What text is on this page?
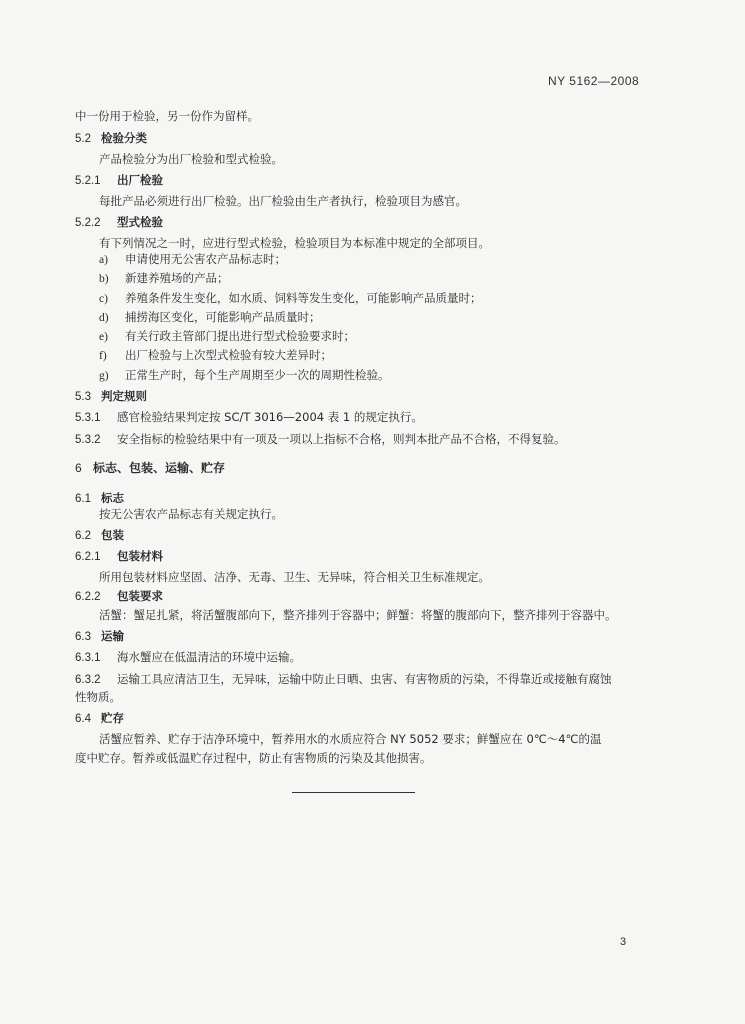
NY 5162—2008
中一份用于检验，另一份作为留样。
5.2 检验分类
产品检验分为出厂检验和型式检验。
5.2.1 出厂检验
每批产品必须进行出厂检验。出厂检验由生产者执行，检验项目为感官。
5.2.2 型式检验
有下列情况之一时，应进行型式检验，检验项目为本标准中规定的全部项目。
a) 申请使用无公害农产品标志时；
b) 新建养殖场的产品；
c) 养殖条件发生变化，如水质、饲料等发生变化，可能影响产品质量时；
d) 捕捞海区变化，可能影响产品质量时；
e) 有关行政主管部门提出进行型式检验要求时；
f) 出厂检验与上次型式检验有较大差异时；
g) 正常生产时，每个生产周期至少一次的周期性检验。
5.3 判定规则
5.3.1 感官检验结果判定按 SC/T 3016—2004 表 1 的规定执行。
5.3.2 安全指标的检验结果中有一项及一项以上指标不合格，则判本批产品不合格，不得复验。
6 标志、包装、运输、贮存
6.1 标志
按无公害农产品标志有关规定执行。
6.2 包装
6.2.1 包装材料
所用包装材料应坚固、洁净、无毒、卫生、无异味，符合相关卫生标准规定。
6.2.2 包装要求
活蟹：蟹足扎紧，将活蟹腹部向下，整齐排列于容器中；鲜蟹：将蟹的腹部向下，整齐排列于容器中。
6.3 运输
6.3.1 海水蟹应在低温清洁的环境中运输。
6.3.2 运输工具应清洁卫生，无异味，运输中防止日晒、虫害、有害物质的污染，不得靠近或接触有腐蚀
性物质。
6.4 贮存
活蟹应暂养、贮存于洁净环境中，暂养用水的水质应符合 NY 5052 要求；鲜蟹应在 0℃～4℃的温
度中贮存。暂养或低温贮存过程中，防止有害物质的污染及其他损害。
3
